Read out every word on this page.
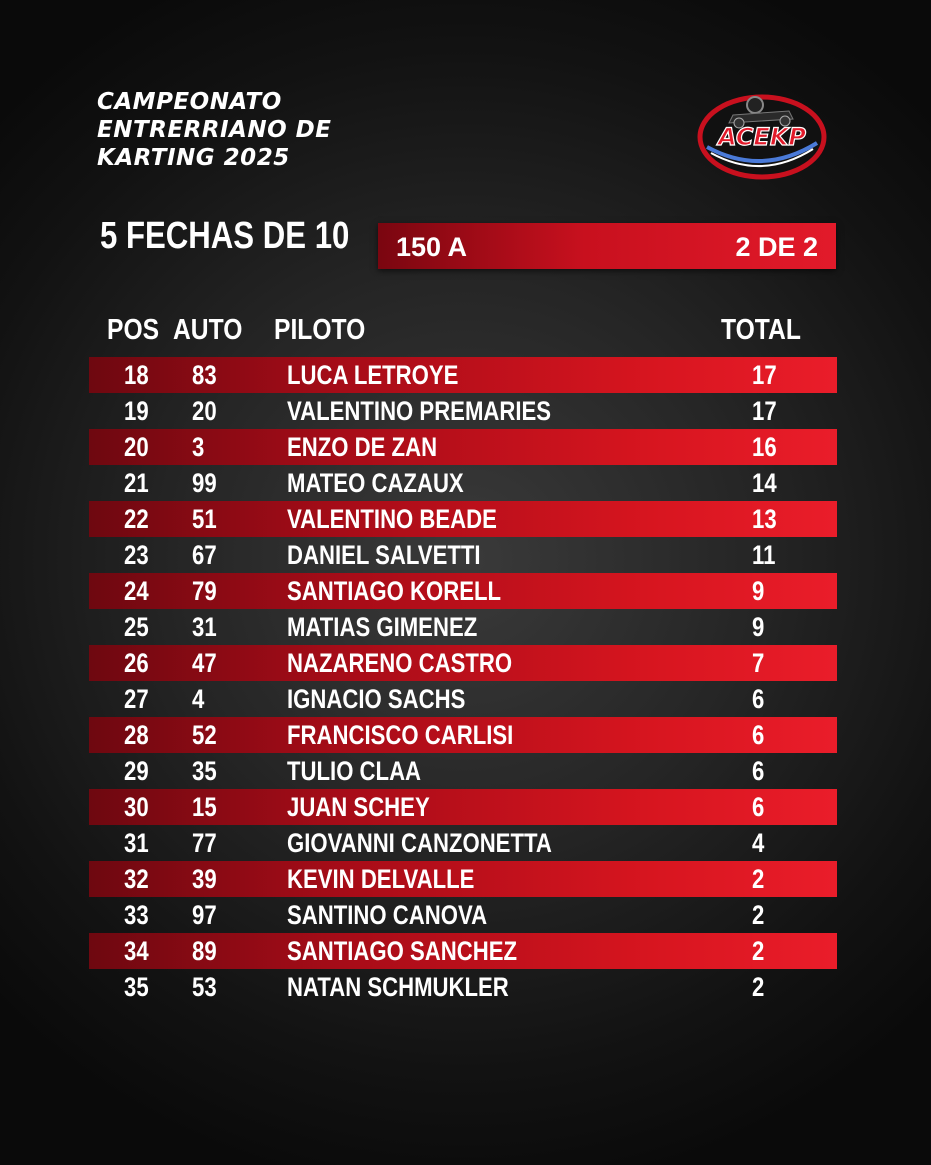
CAMPEONATO
ENTRERRIANO DE
KARTING 2025
ACEKP
5 FECHAS DE 10 150 A	2 DE 2
POS AUTO PILOTO	TOTAL
18 83	LUCA LETROYE	17
19 20	VALENTINO PREMARIES	17
20 3	ENZO DE ZAN	16
21 99	MATEO CAZAUX	14
22 51	VALENTINO BEADE	13
23 67	DANIEL SALVETTI	11
24 79	SANTIAGO KORELL	9
25 31	MATIAS GIMENEZ	9
26 47	NAZARENO CASTRO	7
27 4	IGNACIO SACHS	6
28 52	FRANCISCO CARLISI	6
29 35	TULIO CLAA	6
30 15	JUAN SCHEY	6
31 77	GIOVANNI CANZONETTA	4
32 39	KEVIN DELVALLE	2
33 97	SANTINO CANOVA	2
34 89	SANTIAGO SANCHEZ	2
35 53	NATAN SCHMUKLER	2
